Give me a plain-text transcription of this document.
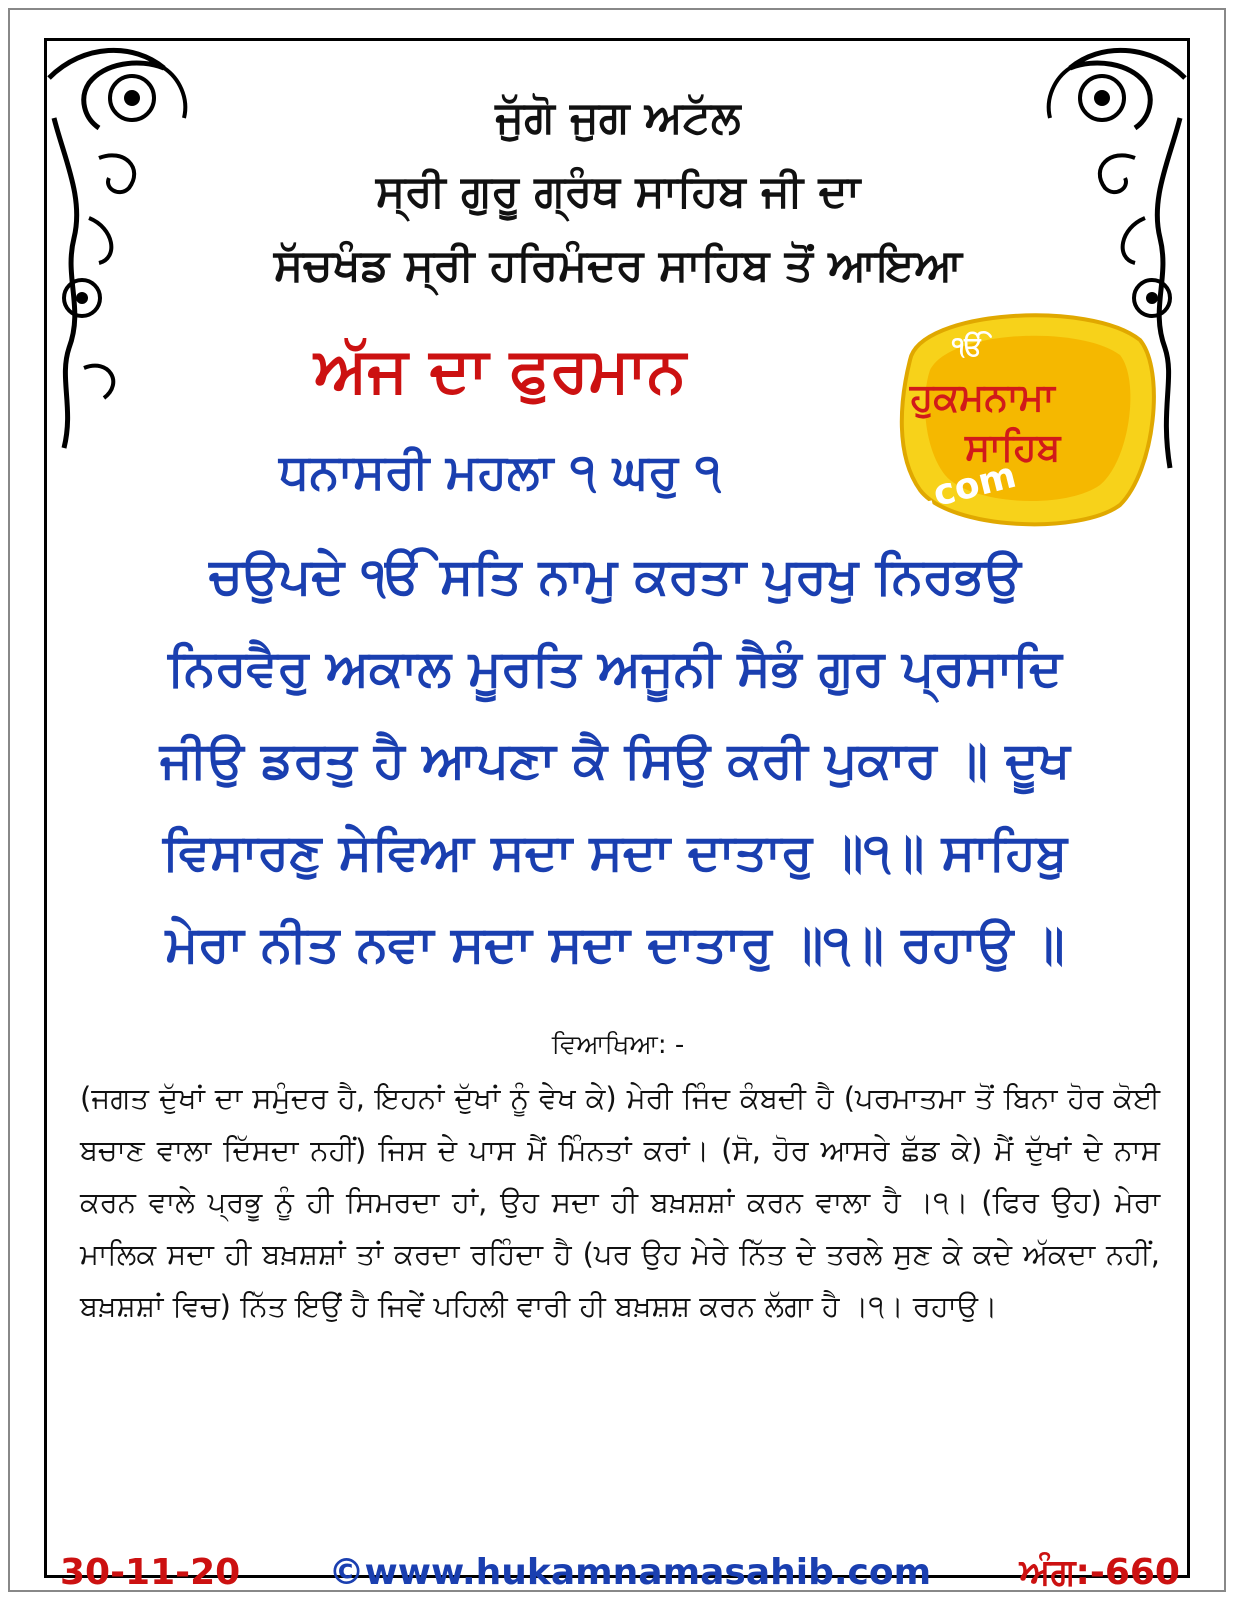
ਜੁੱਗੋ ਜੁਗ ਅਟੱਲ
ਸ੍ਰੀ ਗੁਰੂ ਗ੍ਰੰਥ ਸਾਹਿਬ ਜੀ ਦਾ
ਸੱਚਖੰਡ ਸ੍ਰੀ ਹਰਿਮੰਦਰ ਸਾਹਿਬ ਤੋਂ ਆਇਆ
ਅੱਜ ਦਾ ਫੁਰਮਾਨ
ਧਨਾਸਰੀ ਮਹਲਾ ੧ ਘਰੁ ੧
ੴ
ਹੁਕਮਨਾਮਾ
ਸਾਹਿਬ
.com
ਚਉਪਦੇ ੴ ਸਤਿ ਨਾਮੁ ਕਰਤਾ ਪੁਰਖੁ ਨਿਰਭਉ
ਨਿਰਵੈਰੁ ਅਕਾਲ ਮੂਰਤਿ ਅਜੂਨੀ ਸੈਭੰ ਗੁਰ ਪ੍ਰਸਾਦਿ
ਜੀਉ ਡਰਤੁ ਹੈ ਆਪਣਾ ਕੈ ਸਿਉ ਕਰੀ ਪੁਕਾਰ ॥ ਦੂਖ
ਵਿਸਾਰਣੁ ਸੇਵਿਆ ਸਦਾ ਸਦਾ ਦਾਤਾਰੁ ॥੧॥ ਸਾਹਿਬੁ
ਮੇਰਾ ਨੀਤ ਨਵਾ ਸਦਾ ਸਦਾ ਦਾਤਾਰੁ ॥੧॥ ਰਹਾਉ ॥
ਵਿਆਖਿਆ: -
(ਜਗਤ ਦੁੱਖਾਂ ਦਾ ਸਮੁੰਦਰ ਹੈ, ਇਹਨਾਂ ਦੁੱਖਾਂ ਨੂੰ ਵੇਖ ਕੇ) ਮੇਰੀ ਜਿੰਦ ਕੰਬਦੀ ਹੈ (ਪਰਮਾਤਮਾ ਤੋਂ ਬਿਨਾ ਹੋਰ ਕੋਈ ਬਚਾਣ ਵਾਲਾ ਦਿੱਸਦਾ ਨਹੀਂ) ਜਿਸ ਦੇ ਪਾਸ ਮੈਂ ਮਿੰਨਤਾਂ ਕਰਾਂ। (ਸੋ, ਹੋਰ ਆਸਰੇ ਛੱਡ ਕੇ) ਮੈਂ ਦੁੱਖਾਂ ਦੇ ਨਾਸ ਕਰਨ ਵਾਲੇ ਪ੍ਰਭੂ ਨੂੰ ਹੀ ਸਿਮਰਦਾ ਹਾਂ, ਉਹ ਸਦਾ ਹੀ ਬਖ਼ਸ਼ਸ਼ਾਂ ਕਰਨ ਵਾਲਾ ਹੈ ।੧। (ਫਿਰ ਉਹ) ਮੇਰਾ ਮਾਲਿਕ ਸਦਾ ਹੀ ਬਖ਼ਸ਼ਸ਼ਾਂ ਤਾਂ ਕਰਦਾ ਰਹਿੰਦਾ ਹੈ (ਪਰ ਉਹ ਮੇਰੇ ਨਿੱਤ ਦੇ ਤਰਲੇ ਸੁਣ ਕੇ ਕਦੇ ਅੱਕਦਾ ਨਹੀਂ, ਬਖ਼ਸ਼ਸ਼ਾਂ ਵਿਚ) ਨਿੱਤ ਇਉਂ ਹੈ ਜਿਵੇਂ ਪਹਿਲੀ ਵਾਰੀ ਹੀ ਬਖ਼ਸ਼ਸ਼ ਕਰਨ ਲੱਗਾ ਹੈ ।੧। ਰਹਾਉ।
30-11-20 ©www.hukamnamasahib.com ਅੰਗ:-660
